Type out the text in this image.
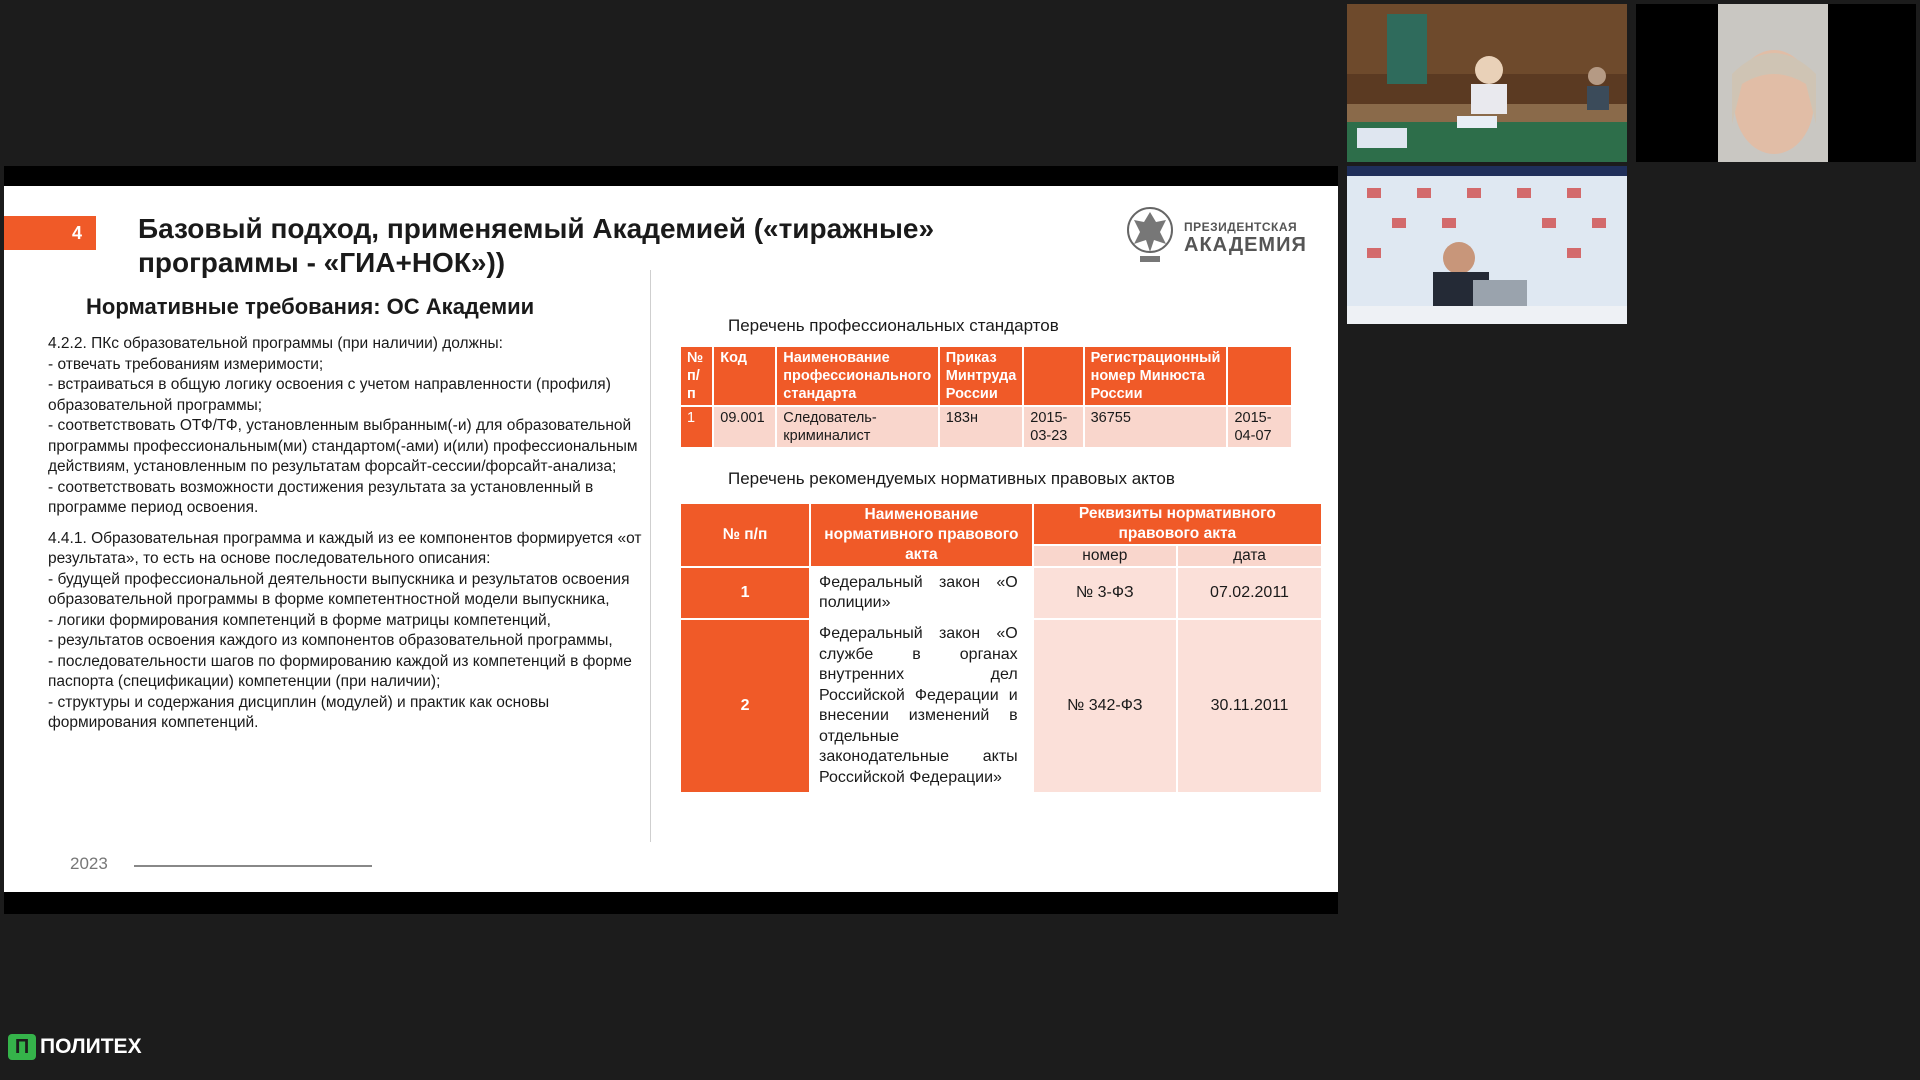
4	Базовый подход, применяемый Академией («тиражные» программы - «ГИА+НОК»))
ПРЕЗИДЕНТСКАЯ
АКАДЕМИЯ
Нормативные требования: ОС Академии
4.2.2. ПКс образовательной программы (при наличии) должны:
- отвечать требованиям измеримости;
- встраиваться в общую логику освоения с учетом направленности (профиля) образовательной программы;
- соответствовать ОТФ/ТФ, установленным выбранным(-и) для образовательной программы профессиональным(ми) стандартом(-ами) и(или) профессиональным действиям, установленным по результатам форсайт-сессии/форсайт-анализа;
- соответствовать возможности достижения результата за установленный в программе период освоения.
4.4.1. Образовательная программа и каждый из ее компонентов формируется «от результата», то есть на основе последовательного описания:
- будущей профессиональной деятельности выпускника и результатов освоения образовательной программы в форме компетентностной модели выпускника,
- логики формирования компетенций в форме матрицы компетенций,
- результатов освоения каждого из компонентов образовательной программы,
- последовательности шагов по формированию каждой из компетенций в форме паспорта (спецификации) компетенции (при наличии);
- структуры и содержания дисциплин (модулей) и практик как основы формирования компетенций.
Перечень профессиональных стандартов
№ п/п	Код	Наименование профессионального стандарта	Приказ Минтруда России		Регистрационный номер Минюста России	
1	09.001	Следователь-криминалист	183н	2015-03-23	36755	2015-04-07
Перечень рекомендуемых нормативных правовых актов
№ п/п	Наименование нормативного правового акта	Реквизиты нормативного правового акта	
		номер	дата
1	Федеральный закон «О полиции»	№ 3-ФЗ	07.02.2011
2	Федеральный закон «О службе в органах внутренних дел Российской Федерации и внесении изменений в отдельные законодательные акты Российской Федерации»	№ 342-ФЗ	30.11.2011
2023
П ПОЛИТЕХ
